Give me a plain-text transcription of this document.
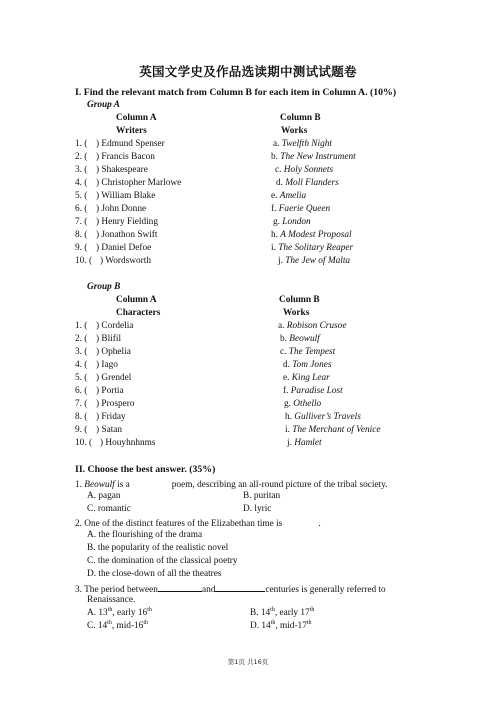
英国文学史及作品选读期中测试试题卷
I. Find the relevant match from Column B for each item in Column A. (10%)
Group A
Column A	Column B
Writers	Works
1. ( ) Edmund Spenser	a. Twelfth Night
2. ( ) Francis Bacon	b. The New Instrument
3. ( ) Shakespeare	c. Holy Sonnets
4. ( ) Christopher Marlowe	d. Moll Flanders
5. ( ) William Blake	e. Amelia
6. ( ) John Donne	f. Faerie Queen
7. ( ) Henry Fielding	g. London
8. ( ) Jonathon Swift	h. A Modest Proposal
9. ( ) Daniel Defoe	i. The Solitary Reaper
10. ( ) Wordsworth	j. The Jew of Malta
Group B
Column A	Column B
Characters	Works
1. ( ) Cordelia	a. Robison Crusoe
2. ( ) Blifil	b. Beowulf
3. ( ) Ophelia	c. The Tempest
4. ( ) Iago	d. Tom Jones
5. ( ) Grendel	e. King Lear
6. ( ) Portia	f. Paradise Lost
7. ( ) Prospero	g. Othello
8. ( ) Friday	h. Gulliver’s Travels
9. ( ) Satan	i. The Merchant of Venice
10. ( ) Houyhnhnms	j. Hamlet
II. Choose the best answer. (35%)
1. Beowulf is a	poem, describing an all-round picture of the tribal society.
A. pagan	B. puritan
C. romantic	D. lyric
2. One of the distinct features of the Elizabethan time is	.
A. the flourishing of the drama
B. the popularity of the realistic novel
C. the domination of the classical poetry
D. the close-down of all the theatres
3. The period between	and	centuries is generally referred to
Renaissance.
A. 13th, early 16th	B. 14th, early 17th
C. 14th, mid-16th	D. 14th, mid-17th
第1页 共16页
